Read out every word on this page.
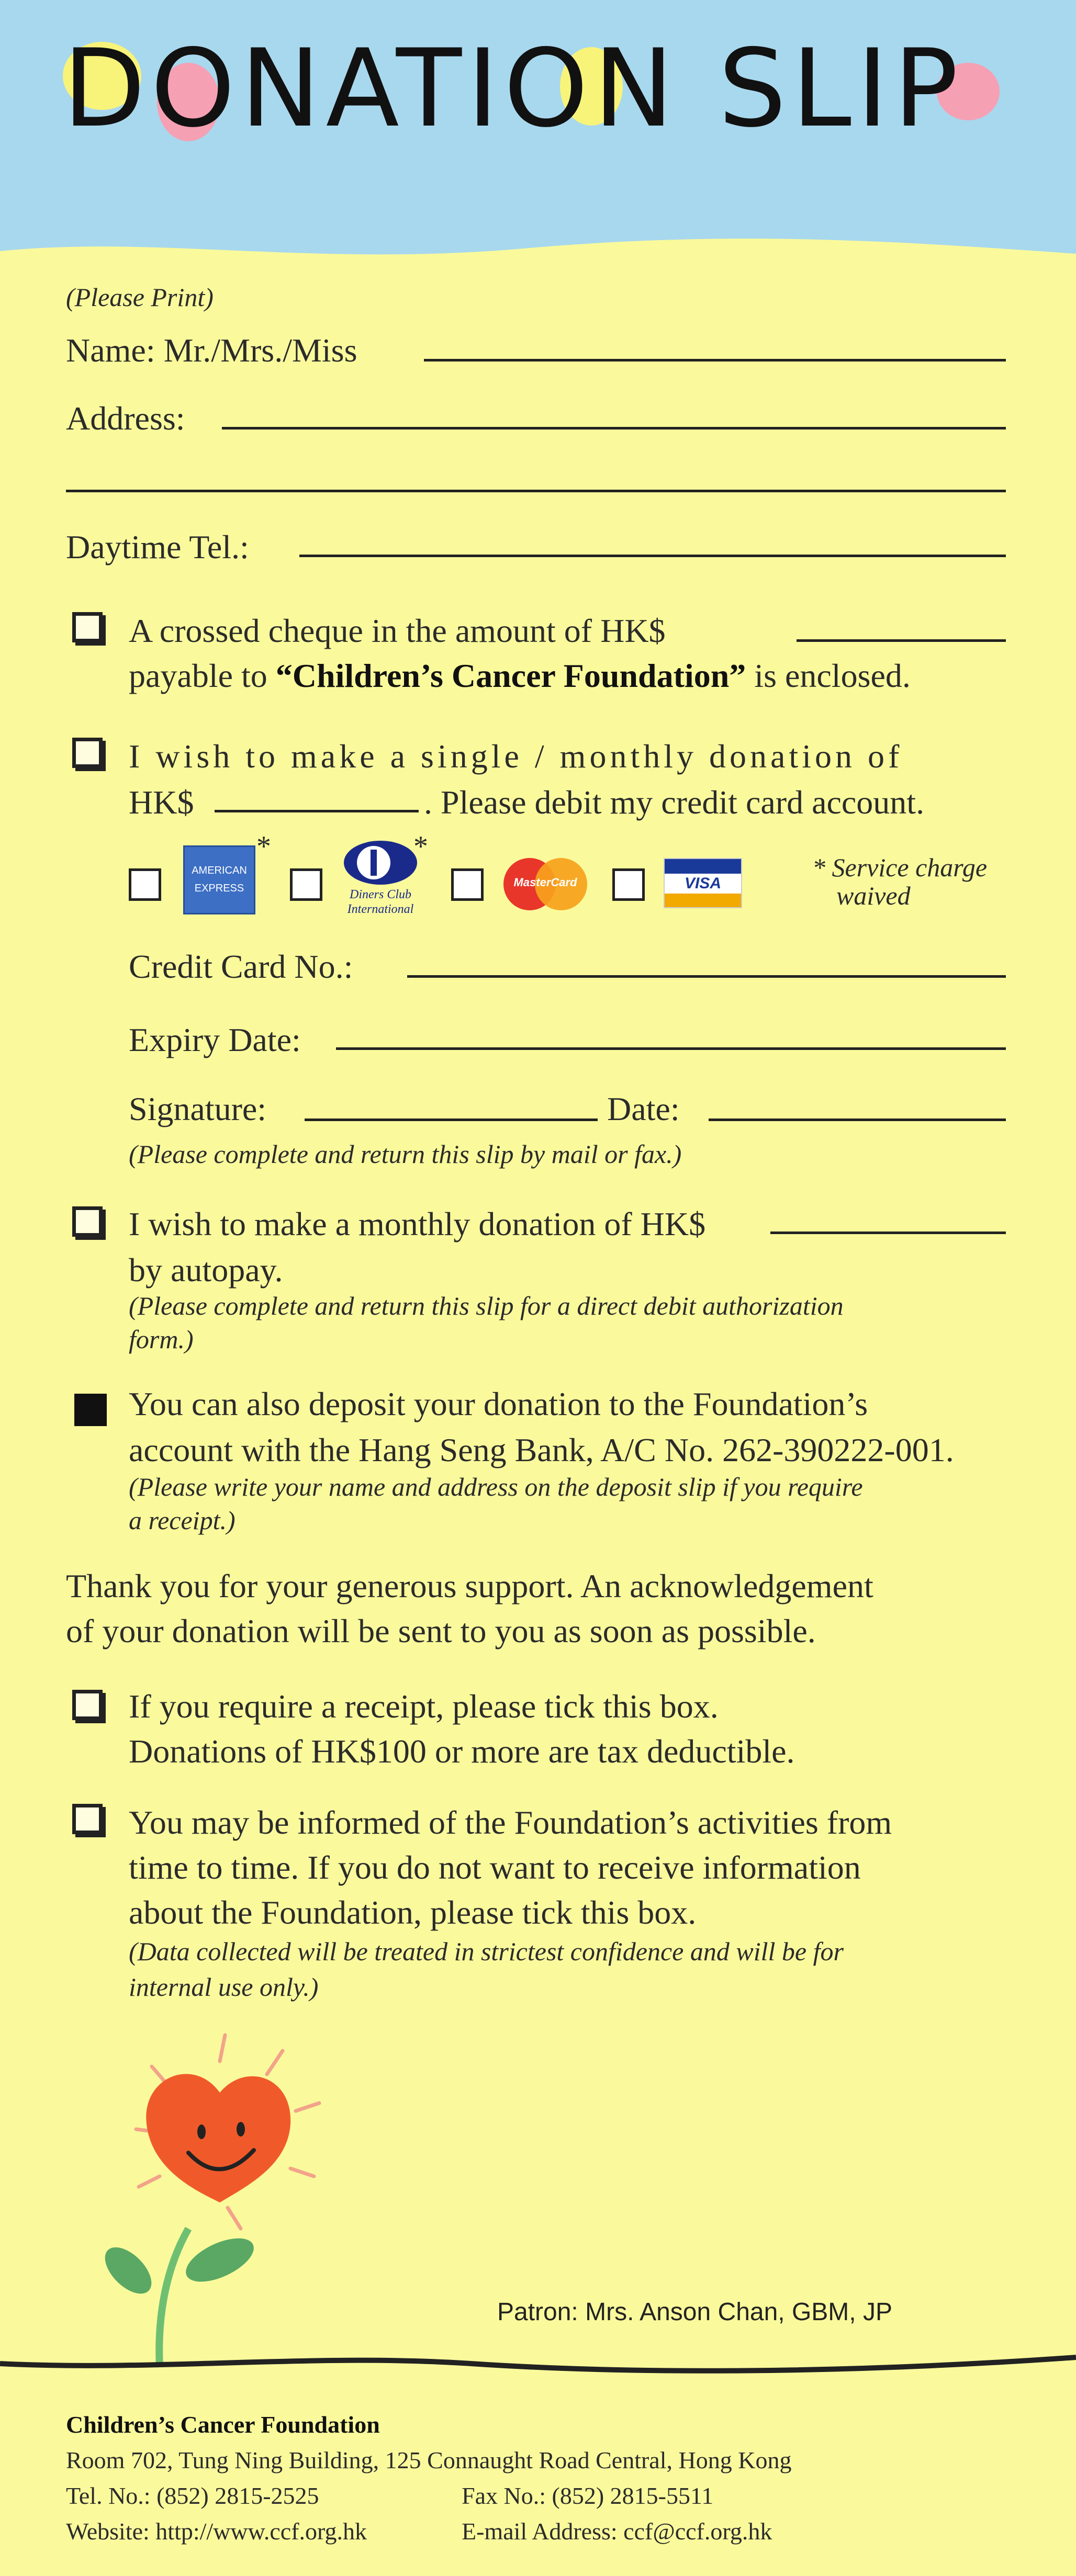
DONATION SLIP
(Please Print)
Name: Mr./Mrs./Miss
Address:
Daytime Tel.:
A crossed cheque in the amount of HK$
payable to “Children’s Cancer Foundation” is enclosed.
I wish to make a single / monthly donation of
HK$	. Please debit my credit card account.
AMERICAN EXPRESS
*
Diners Club International
*
MasterCard	VISA
* Service charge
waived
Credit Card No.:
Expiry Date:
Signature:	Date:
(Please complete and return this slip by mail or fax.)
I wish to make a monthly donation of HK$
by autopay.
(Please complete and return this slip for a direct debit authorization
form.)
You can also deposit your donation to the Foundation’s
account with the Hang Seng Bank, A/C No. 262-390222-001.
(Please write your name and address on the deposit slip if you require
a receipt.)
Thank you for your generous support. An acknowledgement
of your donation will be sent to you as soon as possible.
If you require a receipt, please tick this box.
Donations of HK$100 or more are tax deductible.
You may be informed of the Foundation’s activities from
time to time. If you do not want to receive information
about the Foundation, please tick this box.
(Data collected will be treated in strictest confidence and will be for
internal use only.)
Patron: Mrs. Anson Chan, GBM, JP
Children’s Cancer Foundation
Room 702, Tung Ning Building, 125 Connaught Road Central, Hong Kong
Tel. No.: (852) 2815-2525	Fax No.: (852) 2815-5511
Website: http://www.ccf.org.hk	E-mail Address: ccf@ccf.org.hk
